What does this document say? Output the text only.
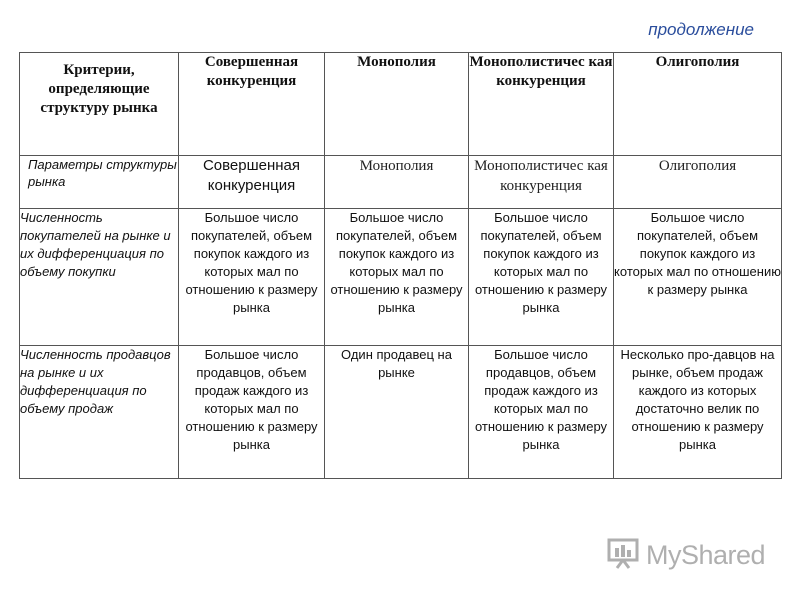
продолжение
Критерии, определяющие структуру рынка	Совершенная конкуренция	Монополия	Монополистичес кая конкуренция	Олигополия
Параметры структуры рынка	Совершенная конкуренция	Монополия	Монополистичес кая конкуренция	Олигополия
Численность покупателей на рынке и их дифференциация по объему покупки	Большое число покупателей, объем покупок каждого из которых мал по отношению к размеру рынка	Большое число покупателей, объем покупок каждого из которых мал по отношению к размеру рынка	Большое число покупателей, объем покупок каждого из которых мал по отношению к размеру рынка	Большое число покупателей, объем покупок каждого из которых мал по отношению к размеру рынка
Численность продавцов на рынке и их дифференциация по объему продаж	Большое число продавцов, объем продаж каждого из которых мал по отношению к размеру рынка	Один продавец на рынке	Большое число продавцов, объем продаж каждого из которых мал по отношению к размеру рынка	Несколько про-давцов на рынке, объем продаж каждого из которых достаточно велик по отношению к размеру рынка
MyShared
